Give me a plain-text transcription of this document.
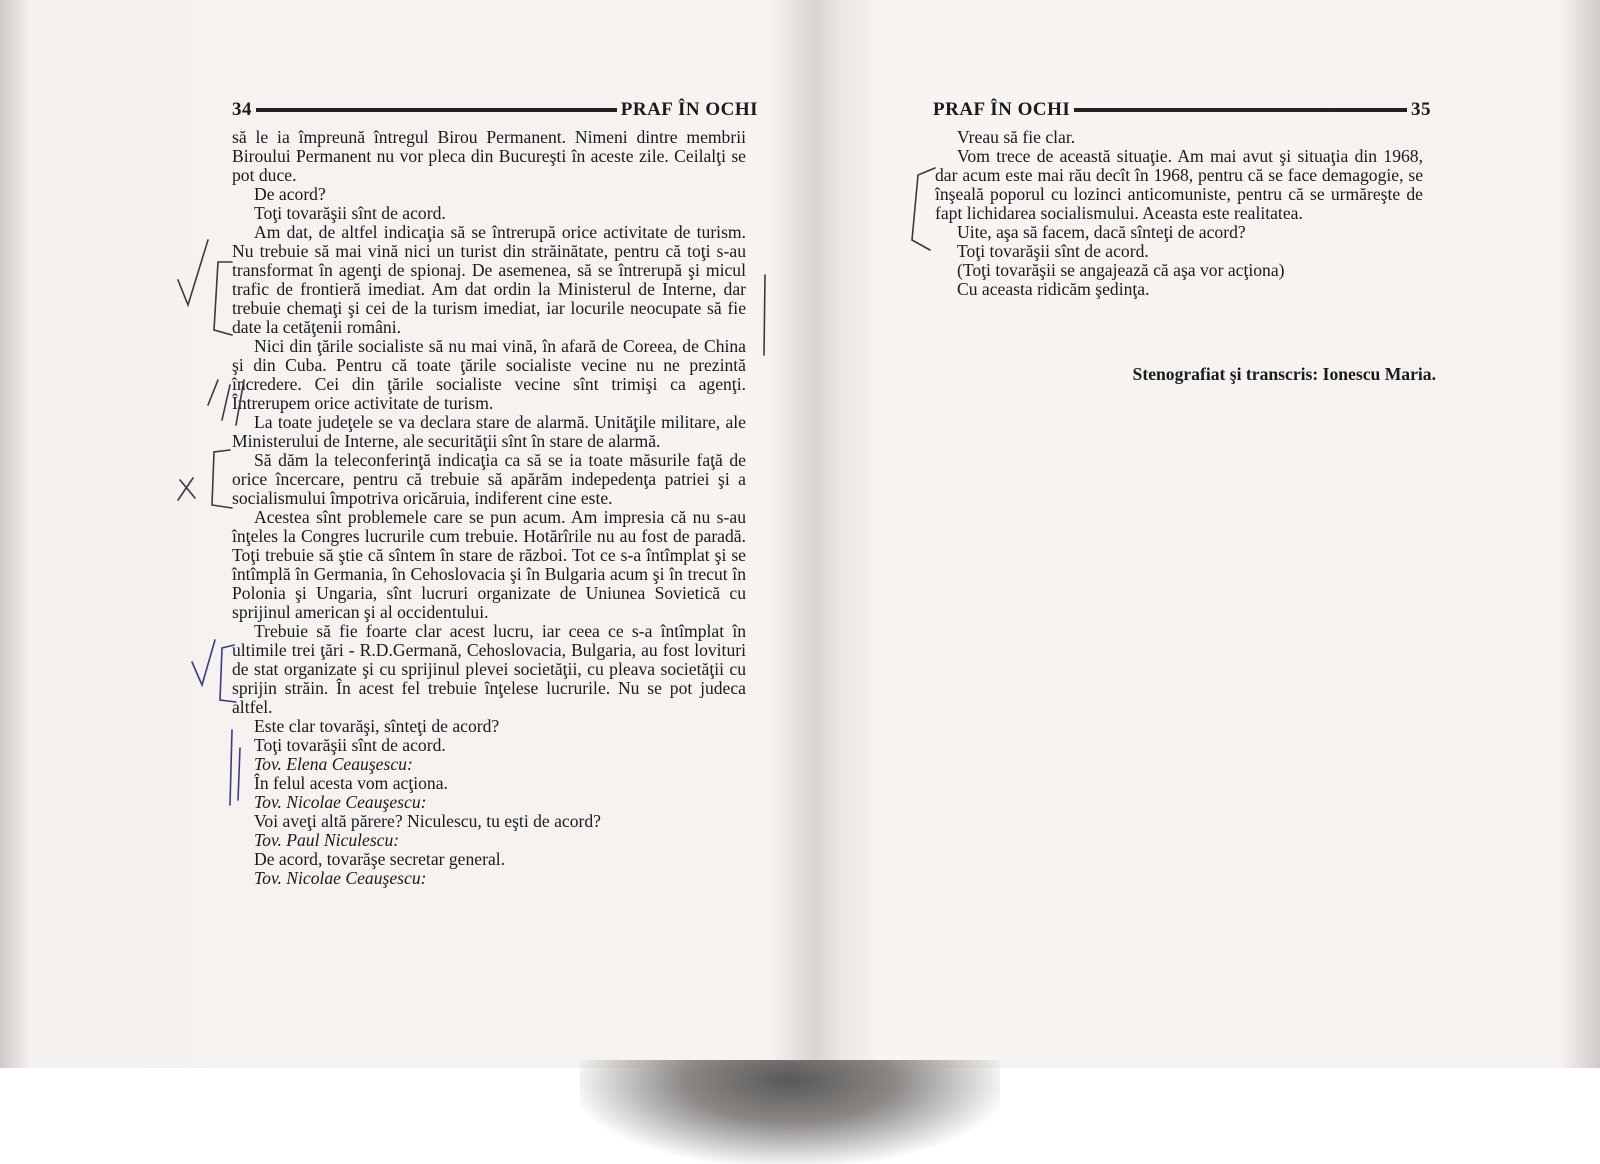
34	PRAF ÎN OCHI	PRAF ÎN OCHI	35

să le ia împreună întregul Birou Permanent. Nimeni dintre membrii Biroului Permanent nu vor pleca din Bucureşti în aceste zile. Ceilalţi se pot duce.

De acord?

Toţi tovarăşii sînt de acord.

Am dat, de altfel indicaţia să se întrerupă orice activitate de turism. Nu trebuie să mai vină nici un turist din străinătate, pentru că toţi s-au transformat în agenţi de spionaj. De asemenea, să se întrerupă şi micul trafic de frontieră imediat. Am dat ordin la Ministerul de Interne, dar trebuie chemaţi şi cei de la turism imediat, iar locurile neocupate să fie date la cetăţenii români.

Nici din ţările socialiste să nu mai vină, în afară de Coreea, de China şi din Cuba. Pentru că toate ţările socialiste vecine nu ne prezintă încredere. Cei din ţările socialiste vecine sînt trimişi ca agenţi. Întrerupem orice activitate de turism.

La toate judeţele se va declara stare de alarmă. Unităţile militare, ale Ministerului de Interne, ale securităţii sînt în stare de alarmă.

Să dăm la teleconferinţă indicaţia ca să se ia toate măsurile faţă de orice încercare, pentru că trebuie să apărăm indepedenţa patriei şi a socialismului împotriva oricăruia, indiferent cine este.

Acestea sînt problemele care se pun acum. Am impresia că nu s-au înţeles la Congres lucrurile cum trebuie. Hotărîrile nu au fost de paradă. Toţi trebuie să ştie că sîntem în stare de război. Tot ce s-a întîmplat şi se întîmplă în Germania, în Cehoslovacia şi în Bulgaria acum şi în trecut în Polonia şi Ungaria, sînt lucruri organizate de Uniunea Sovietică cu sprijinul american şi al occidentului.

Trebuie să fie foarte clar acest lucru, iar ceea ce s-a întîmplat în ultimile trei ţări - R.D.Germană, Cehoslovacia, Bulgaria, au fost lovituri de stat organizate şi cu sprijinul plevei societăţii, cu pleava societăţii cu sprijin străin. În acest fel trebuie înţelese lucrurile. Nu se pot judeca altfel.

Este clar tovarăşi, sînteţi de acord?

Toţi tovarăşii sînt de acord.

Tov. Elena Ceauşescu:

În felul acesta vom acţiona.

Tov. Nicolae Ceauşescu:

Voi aveţi altă părere? Niculescu, tu eşti de acord?

Tov. Paul Niculescu:

De acord, tovarăşe secretar general.

Tov. Nicolae Ceauşescu:

Vreau să fie clar.

Vom trece de această situaţie. Am mai avut şi situaţia din 1968, dar acum este mai rău decît în 1968, pentru că se face demagogie, se înşeală poporul cu lozinci anticomuniste, pentru că se urmăreşte de fapt lichidarea socialismului. Aceasta este realitatea.

Uite, aşa să facem, dacă sînteţi de acord?

Toţi tovarăşii sînt de acord.

(Toţi tovarăşii se angajează că aşa vor acţiona)

Cu aceasta ridicăm şedinţa.

Stenografiat şi transcris: Ionescu Maria.
